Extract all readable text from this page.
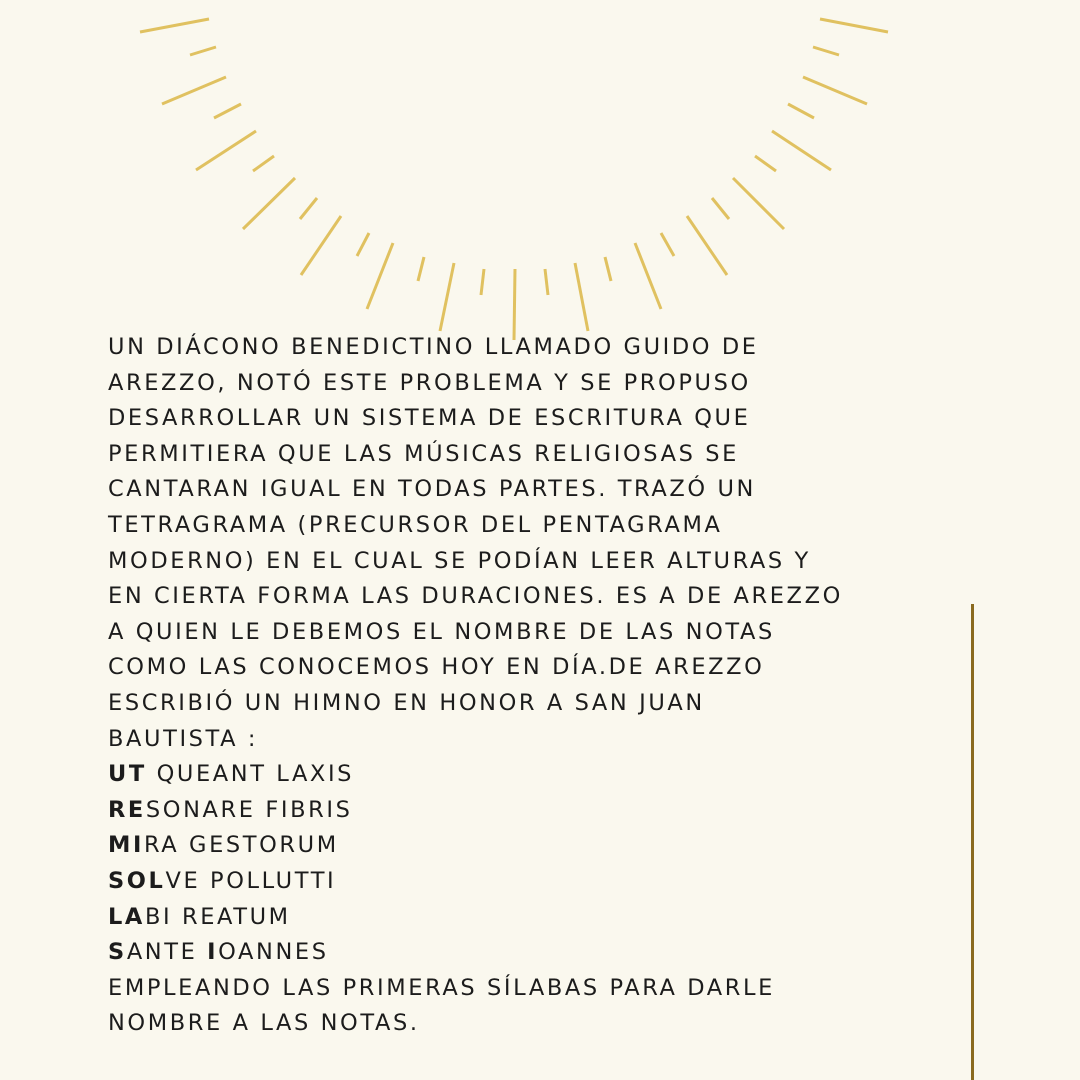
UN DIÁCONO BENEDICTINO LLAMADO GUIDO DE
AREZZO, NOTÓ ESTE PROBLEMA Y SE PROPUSO
DESARROLLAR UN SISTEMA DE ESCRITURA QUE
PERMITIERA QUE LAS MÚSICAS RELIGIOSAS SE
CANTARAN IGUAL EN TODAS PARTES. TRAZÓ UN
TETRAGRAMA (PRECURSOR DEL PENTAGRAMA
MODERNO) EN EL CUAL SE PODÍAN LEER ALTURAS Y
EN CIERTA FORMA LAS DURACIONES. ES A DE AREZZO
A QUIEN LE DEBEMOS EL NOMBRE DE LAS NOTAS
COMO LAS CONOCEMOS HOY EN DÍA.DE AREZZO
ESCRIBIÓ UN HIMNO EN HONOR A SAN JUAN
BAUTISTA :
UT QUEANT LAXIS
RESONARE FIBRIS
MIRA GESTORUM
SOLVE POLLUTTI
LABI REATUM
SANTE IOANNES
EMPLEANDO LAS PRIMERAS SÍLABAS PARA DARLE
NOMBRE A LAS NOTAS.
